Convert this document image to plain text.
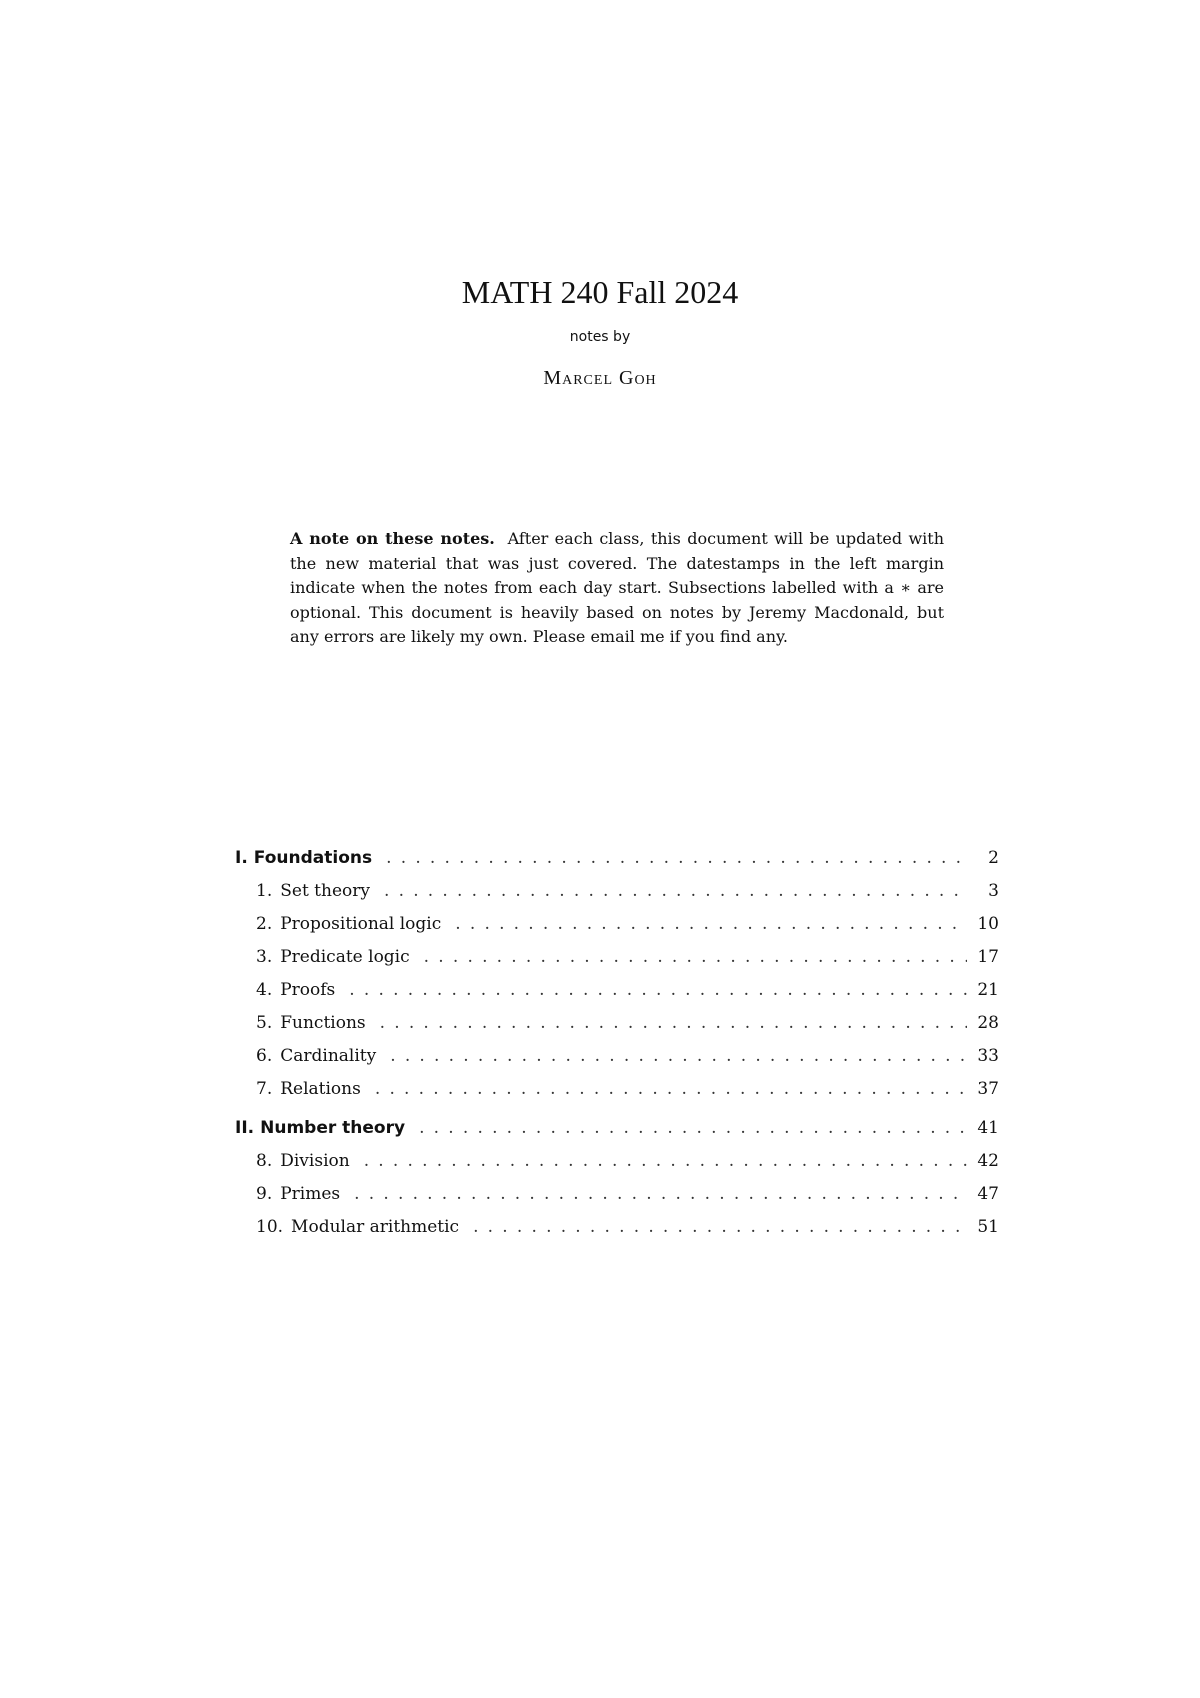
MATH 240 Fall 2024
notes by
Marcel Goh

A note on these notes. After each class, this document will be updated with the new material that was just covered. The datestamps in the left margin indicate when the notes from each day start. Subsections labelled with a ∗ are optional. This document is heavily based on notes by Jeremy Macdonald, but any errors are likely my own. Please email me if you find any.

I. Foundations .....	2
1. Set theory .....	3
2. Propositional logic .....	10
3. Predicate logic .....	17
4. Proofs .....	21
5. Functions .....	28
6. Cardinality .....	33
7. Relations .....	37
II. Number theory .....	41
8. Division .....	42
9. Primes .....	47
10. Modular arithmetic .....	51
